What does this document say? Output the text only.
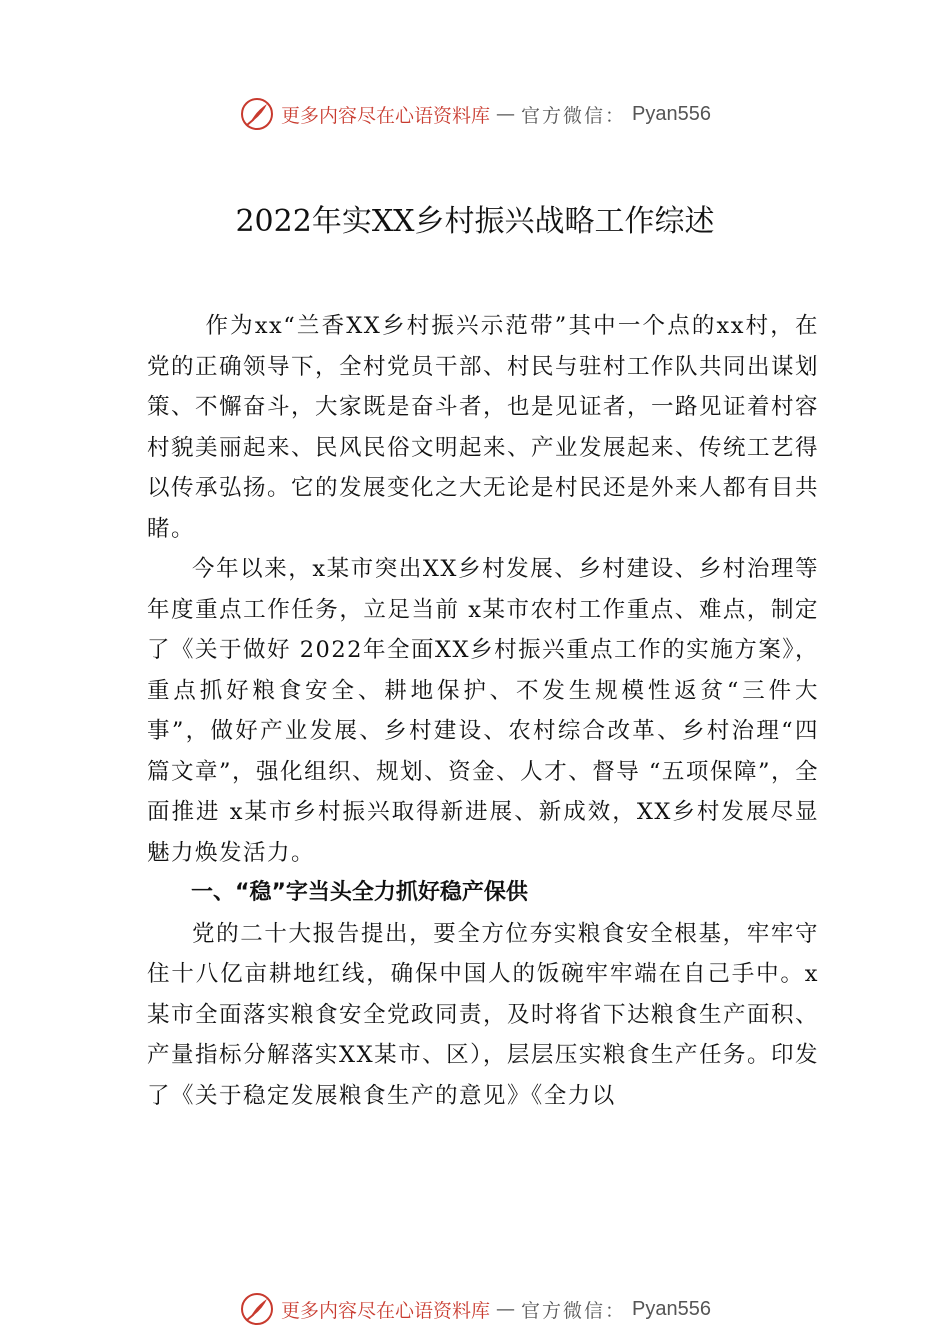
更多内容尽在心语资料库 — 官方微信： Pyan556
2022年实XX乡村振兴战略工作综述

作为xx“兰香XX乡村振兴示范带”其中一个点的xx村，在党的正确领导下，全村党员干部、村民与驻村工作队共同出谋划策、不懈奋斗，大家既是奋斗者，也是见证者，一路见证着村容村貌美丽起来、民风民俗文明起来、产业发展起来、传统工艺得以传承弘扬。它的发展变化之大无论是村民还是外来人都有目共睹。

今年以来，x某市突出XX乡村发展、乡村建设、乡村治理等年度重点工作任务，立足当前 x某市农村工作重点、难点，制定了《关于做好 2022年全面XX乡村振兴重点工作的实施方案》，重点抓好粮食安全、耕地保护、不发生规模性返贫“三件大事”，做好产业发展、乡村建设、农村综合改革、乡村治理“四篇文章”，强化组织、规划、资金、人才、督导 “五项保障”，全面推进 x某市乡村振兴取得新进展、新成效，XX乡村发展尽显魅力焕发活力。

一、“稳”字当头全力抓好稳产保供

党的二十大报告提出，要全方位夯实粮食安全根基，牢牢守住十八亿亩耕地红线，确保中国人的饭碗牢牢端在自己手中。x某市全面落实粮食安全党政同责，及时将省下达粮食生产面积、产量指标分解落实XX某市、区），层层压实粮食生产任务。印发了《关于稳定发展粮食生产的意见》《全力以

更多内容尽在心语资料库 — 官方微信： Pyan556
